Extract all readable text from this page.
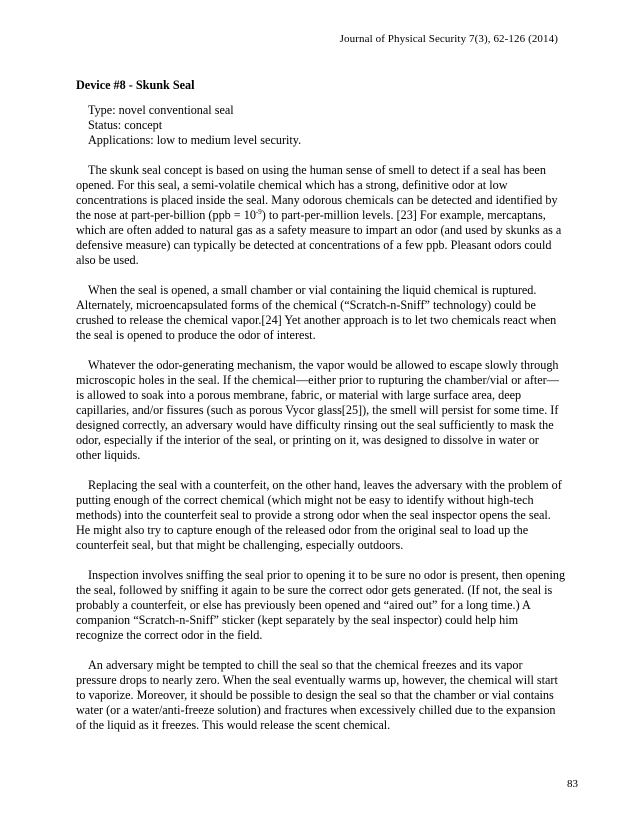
Journal of Physical Security 7(3), 62-126 (2014)
Device #8 - Skunk Seal
Type: novel conventional seal
Status: concept
Applications: low to medium level security.

The skunk seal concept is based on using the human sense of smell to detect if a seal has been opened. For this seal, a semi-volatile chemical which has a strong, definitive odor at low concentrations is placed inside the seal. Many odorous chemicals can be detected and identified by the nose at part-per-billion $(ppb = 10^{-9})$ to part-per-million levels. [23] For example, mercaptans, which are often added to natural gas as a safety measure to impart an odor (and used by skunks as a defensive measure) can typically be detected at concentrations of a few ppb. Pleasant odors could also be used.

When the seal is opened, a small chamber or vial containing the liquid chemical is ruptured. Alternately, microencapsulated forms of the chemical (“Scratch-n-Sniff” technology) could be crushed to release the chemical vapor.[24] Yet another approach is to let two chemicals react when the seal is opened to produce the odor of interest.

Whatever the odor-generating mechanism, the vapor would be allowed to escape slowly through microscopic holes in the seal. If the chemical—either prior to rupturing the chamber/vial or after—is allowed to soak into a porous membrane, fabric, or material with large surface area, deep capillaries, and/or fissures (such as porous Vycor glass[25]), the smell will persist for some time. If designed correctly, an adversary would have difficulty rinsing out the seal sufficiently to mask the odor, especially if the interior of the seal, or printing on it, was designed to dissolve in water or other liquids.

Replacing the seal with a counterfeit, on the other hand, leaves the adversary with the problem of putting enough of the correct chemical (which might not be easy to identify without high-tech methods) into the counterfeit seal to provide a strong odor when the seal inspector opens the seal. He might also try to capture enough of the released odor from the original seal to load up the counterfeit seal, but that might be challenging, especially outdoors.

Inspection involves sniffing the seal prior to opening it to be sure no odor is present, then opening the seal, followed by sniffing it again to be sure the correct odor gets generated. (If not, the seal is probably a counterfeit, or else has previously been opened and “aired out” for a long time.) A companion “Scratch-n-Sniff” sticker (kept separately by the seal inspector) could help him recognize the correct odor in the field.

An adversary might be tempted to chill the seal so that the chemical freezes and its vapor pressure drops to nearly zero. When the seal eventually warms up, however, the chemical will start to vaporize. Moreover, it should be possible to design the seal so that the chamber or vial contains water (or a water/anti-freeze solution) and fractures when excessively chilled due to the expansion of the liquid as it freezes. This would release the scent chemical.

83
